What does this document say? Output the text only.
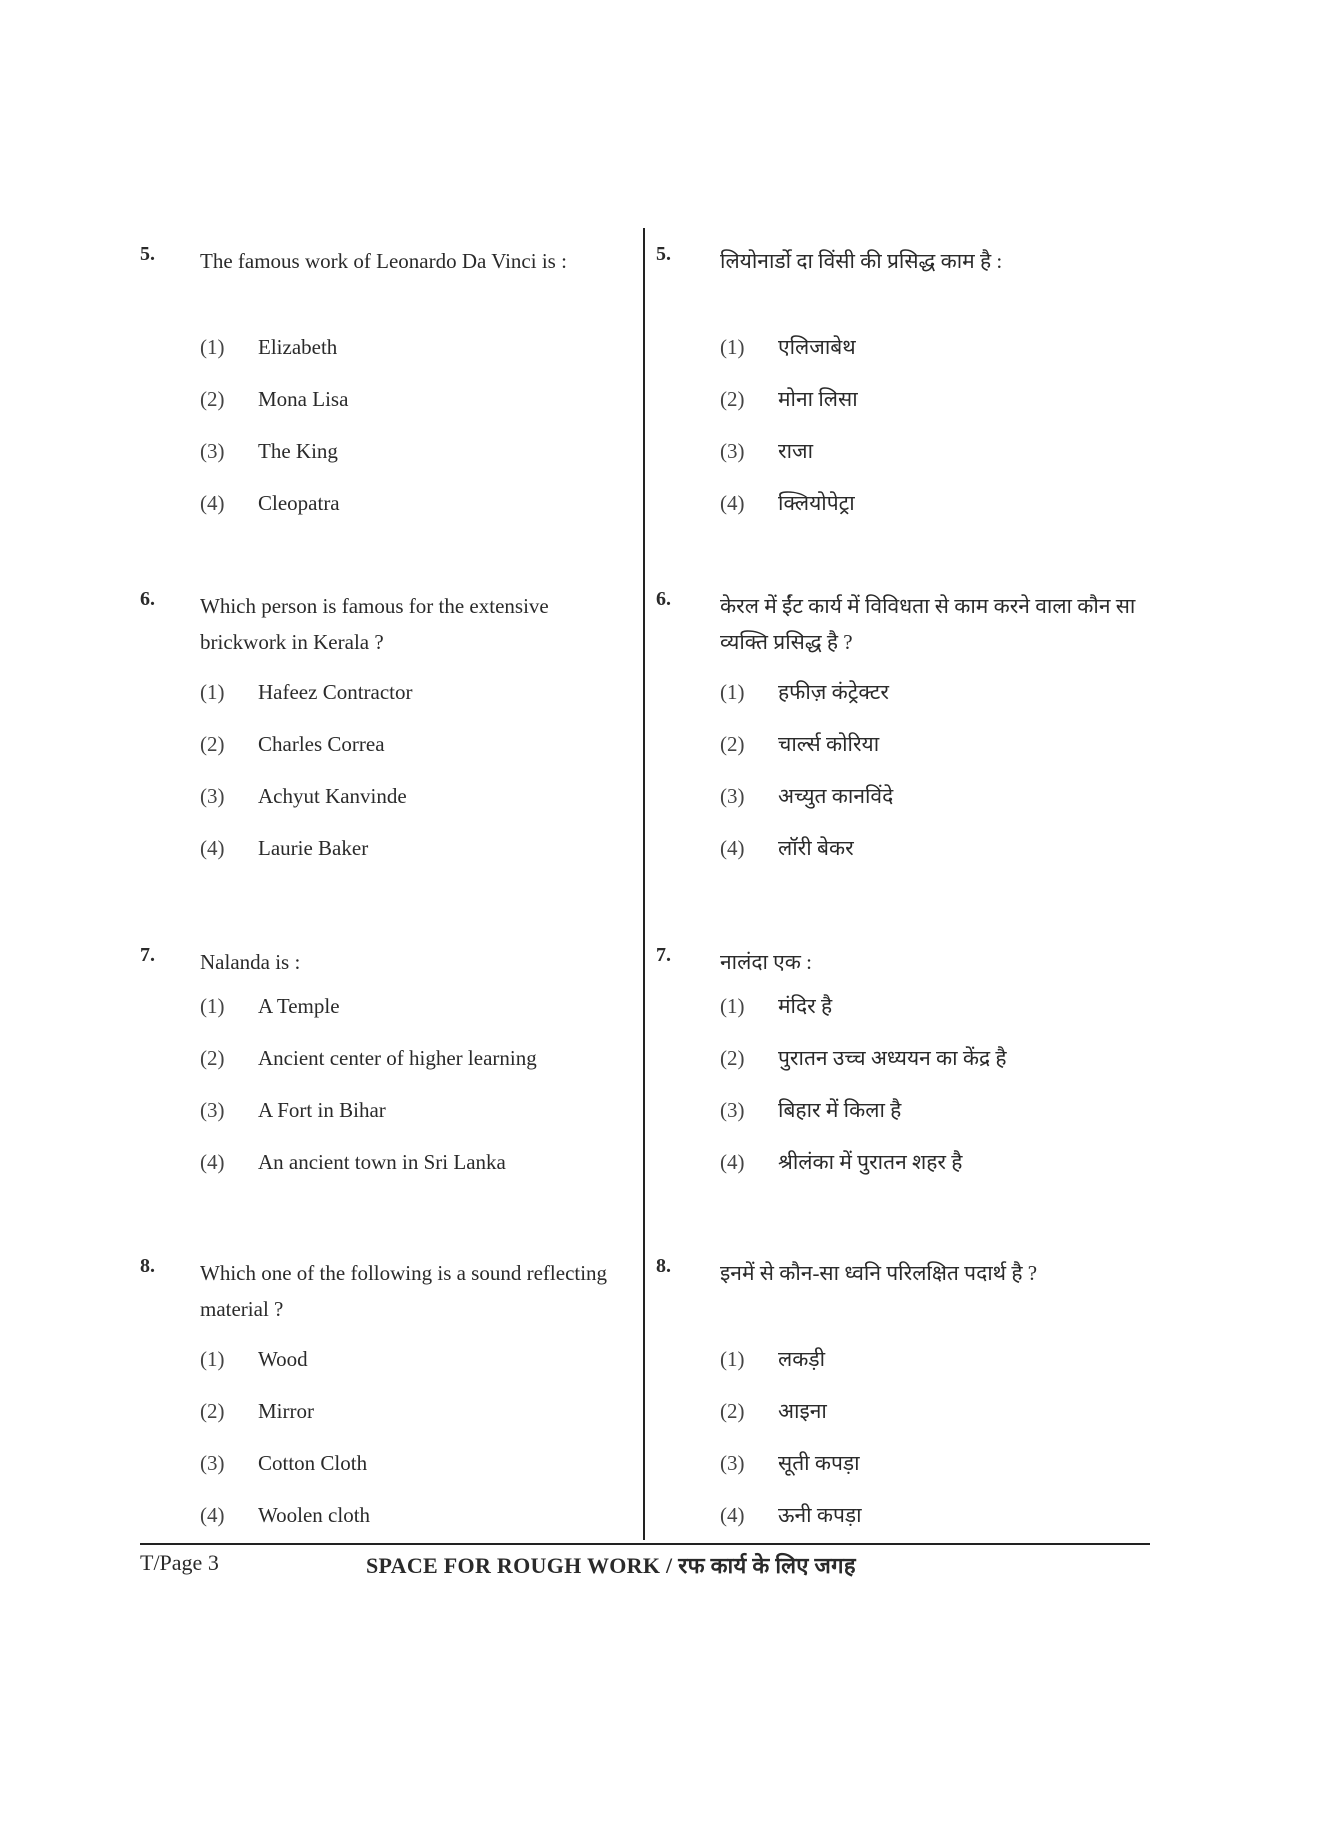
5. The famous work of Leonardo Da Vinci is :
(1) Elizabeth
(2) Mona Lisa
(3) The King
(4) Cleopatra
6. Which person is famous for the extensive brickwork in Kerala ?
(1) Hafeez Contractor
(2) Charles Correa
(3) Achyut Kanvinde
(4) Laurie Baker
7. Nalanda is :
(1) A Temple
(2) Ancient center of higher learning
(3) A Fort in Bihar
(4) An ancient town in Sri Lanka
8. Which one of the following is a sound reflecting material ?
(1) Wood
(2) Mirror
(3) Cotton Cloth
(4) Woolen cloth
5. लियोनार्डो दा विंसी की प्रसिद्ध काम है :
(1) एलिजाबेथ
(2) मोना लिसा
(3) राजा
(4) क्लियोपेट्रा
6. केरल में ईंट कार्य में विविधता से काम करने वाला कौन सा व्यक्ति प्रसिद्ध है ?
(1) हफीज़ कंट्रेक्टर
(2) चार्ल्स कोरिया
(3) अच्युत कानविंदे
(4) लॉरी बेकर
7. नालंदा एक :
(1) मंदिर है
(2) पुरातन उच्च अध्ययन का केंद्र है
(3) बिहार में किला है
(4) श्रीलंका में पुरातन शहर है
8. इनमें से कौन-सा ध्वनि परिलक्षित पदार्थ है ?
(1) लकड़ी
(2) आइना
(3) सूती कपड़ा
(4) ऊनी कपड़ा
T/Page 3	SPACE FOR ROUGH WORK / रफ कार्य के लिए जगह
